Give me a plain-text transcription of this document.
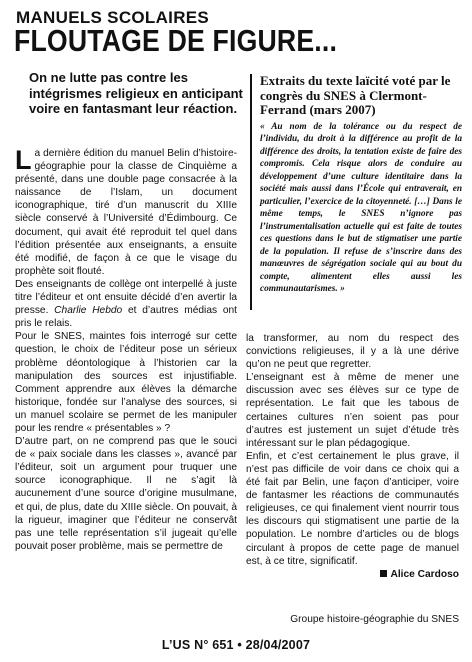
MANUELS SCOLAIRES
FLOUTAGE DE FIGURE...
On ne lutte pas contre les intégrismes religieux en anticipant voire en fantasmant leur réaction.

La dernière édition du manuel Belin d’histoire-géographie pour la classe de Cinquième a présenté, dans une double page consacrée à la naissance de l’Islam, un document iconographique, tiré d’un manuscrit du XIIIe siècle conservé à l’Université d’Édimbourg. Ce document, qui avait été reproduit tel quel dans l’édition présentée aux enseignants, a ensuite été modifié, de façon à ce que le visage du prophète soit flouté.

Des enseignants de collège ont interpellé à juste titre l’éditeur et ont ensuite décidé d’en avertir la presse. Charlie Hebdo et d’autres médias ont pris le relais.

Pour le SNES, maintes fois interrogé sur cette question, le choix de l’éditeur pose un sérieux problème déontologique à l’historien car la manipulation des sources est injustifiable. Comment apprendre aux élèves la démarche historique, fondée sur l’analyse des sources, si un manuel scolaire se permet de les manipuler pour les rendre « présentables » ?

D’autre part, on ne comprend pas que le souci de « paix sociale dans les classes », avancé par l’éditeur, soit un argument pour truquer une source iconographique. Il ne s’agit là aucunement d’une source d’origine musulmane, et qui, de plus, date du XIIIe siècle. On pouvait, à la rigueur, imaginer que l’éditeur ne conservât pas une telle représentation s’il jugeait qu’elle pouvait poser problème, mais se permettre de

Extraits du texte laïcité voté par le congrès du SNES à Clermont-Ferrand (mars 2007)
« Au nom de la tolérance ou du respect de l’individu, du droit à la différence au profit de la différence des droits, la tentation existe de faire des compromis. Cela risque alors de conduire au développement d’une culture identitaire dans la société mais aussi dans l’École qui entraverait, en particulier, l’exercice de la citoyenneté. […] Dans le même temps, le SNES n’ignore pas l’instrumentalisation actuelle qui est faite de toutes ces questions dans le but de stigmatiser une partie de la population. Il refuse de s’inscrire dans des manœuvres de ségrégation sociale qui au bout du compte, alimentent elles aussi les communautarismes. »

la transformer, au nom du respect des convictions religieuses, il y a là une dérive qu’on ne peut que regretter.

L’enseignant est à même de mener une discussion avec ses élèves sur ce type de représentation. Le fait que les tabous de certaines cultures n’en soient pas pour d’autres est justement un sujet d’étude très intéressant sur le plan pédagogique.

Enfin, et c’est certainement le plus grave, il n’est pas difficile de voir dans ce choix qui a été fait par Belin, une façon d’anticiper, voire de fantasmer les réactions de communautés religieuses, ce qui finalement vient nourrir tous les discours qui stigmatisent une partie de la population. Le nombre d’articles ou de blogs circulant à propos de cette page de manuel est, à ce titre, significatif.

Alice Cardoso

Groupe histoire-géographie du SNES
L’US N° 651 • 28/04/2007
